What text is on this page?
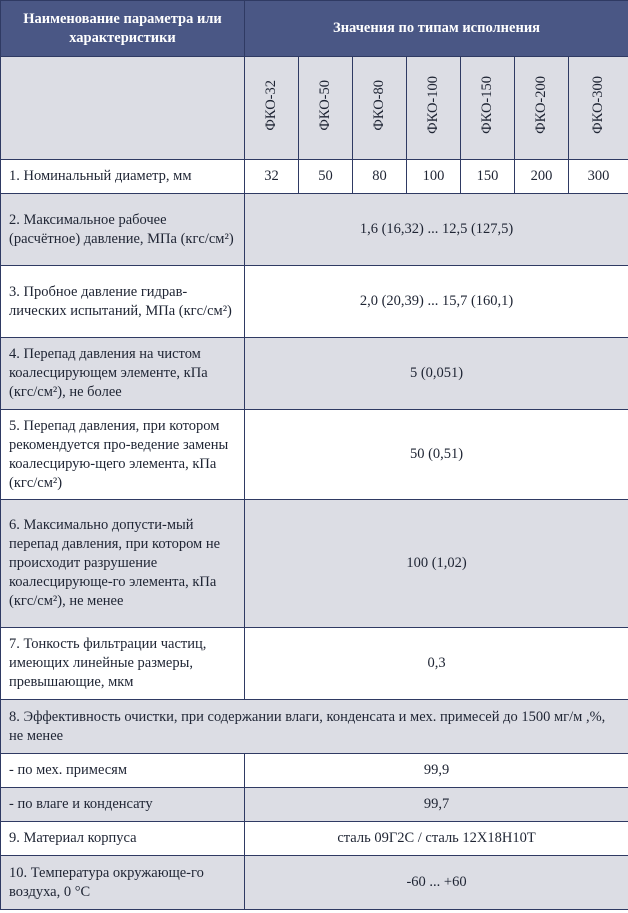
Наименование параметра или характеристики	Значения по типам исполнения						
	ФКО-32	ФКО-50	ФКО-80	ФКО-100	ФКО-150	ФКО-200	ФКО-300
1. Номинальный диаметр, мм	32	50	80	100	150	200	300
2. Максимальное рабочее (расчётное) давление, МПа (кгс/см²)	1,6 (16,32) ... 12,5 (127,5)						
3. Пробное давление гидрав-лических испытаний, МПа (кгс/см²)	2,0 (20,39) ... 15,7 (160,1)						
4. Перепад давления на чистом коалесцирующем элементе, кПа (кгс/см²), не более	5 (0,051)						
5. Перепад давления, при котором рекомендуется про-ведение замены коалесцирую-щего элемента, кПа (кгс/см²)	50 (0,51)						
6. Максимально допусти-мый перепад давления, при котором не происходит разрушение коалесцирующе-го элемента, кПа (кгс/см²), не менее	100 (1,02)						
7. Тонкость фильтрации частиц, имеющих линейные размеры, превышающие, мкм	0,3						
8. Эффективность очистки, при содержании влаги, конденсата и мех. примесей до 1500 мг/м ,%, не менее							
- по мех. примесям	99,9						
- по влаге и конденсату	99,7						
9. Материал корпуса	сталь 09Г2С / сталь 12Х18Н10Т						
10. Температура окружающе-го воздуха, 0 °С	-60 ... +60						
